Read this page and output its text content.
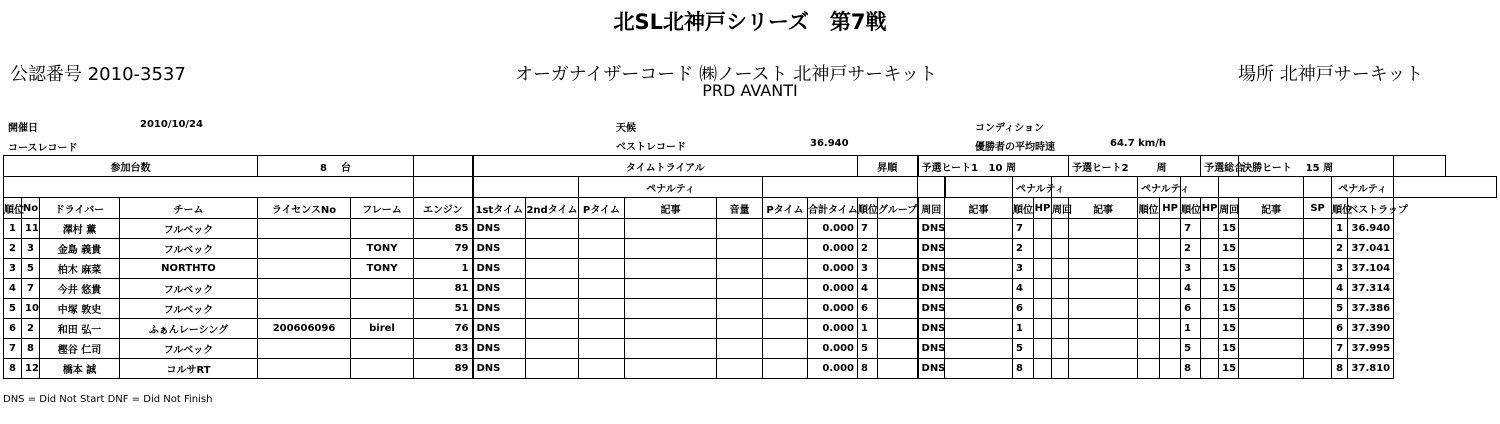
北SL北神戸シリーズ　第7戦
公認番号 2010-3537	オーガナイザーコード ㈱ノースト 北神戸サーキット
PRD AVANTI
場所 北神戸サーキット
開催日	2010/10/24
コースレコード
天候
ベストレコード	36.940
コンディション
優勝者の平均時速	64.7 km/h
参加台数				8 台			タイムトライアル							昇順		予選ヒート1 10 周					予選ヒート2 周				予選総合		決勝ヒート 15 周				
									ペナルティ									ペナルティ				ペナルティ							ペナルティ		
順位	No	ドライバー	チーム	ライセンスNo	フレーム	エンジン	1stタイム	2ndタイム	Pタイム	記事	音量	Pタイム	合計タイム	順位	グループ	周回	記事	順位	HP	周回	記事	順位	HP	順位	HP	周回	記事	SP	順位	ベストラップ	
1	11	澤村 薫	フルベック			85	DNS						0.000	7		DNS		7						7		15			1	36.940	
2	3	金島 義貴	フルベック		TONY	79	DNS						0.000	2		DNS		2						2		15			2	37.041	
3	5	柏木 麻菜	NORTHTO		TONY	1	DNS						0.000	3		DNS		3						3		15			3	37.104	
4	7	今井 悠貴	フルベック			81	DNS						0.000	4		DNS		4						4		15			4	37.314	
5	10	中塚 敦史	フルベック			51	DNS						0.000	6		DNS		6						6		15			5	37.386	
6	2	和田 弘一	ふぁんレーシング	200606096	birel	76	DNS						0.000	1		DNS		1						1		15			6	37.390	
7	8	樫谷 仁司	フルベック			83	DNS						0.000	5		DNS		5						5		15			7	37.995	
8	12	橋本 誠	コルサRT			89	DNS						0.000	8		DNS		8						8		15			8	37.810	
DNS = Did Not Start DNF = Did Not Finish
